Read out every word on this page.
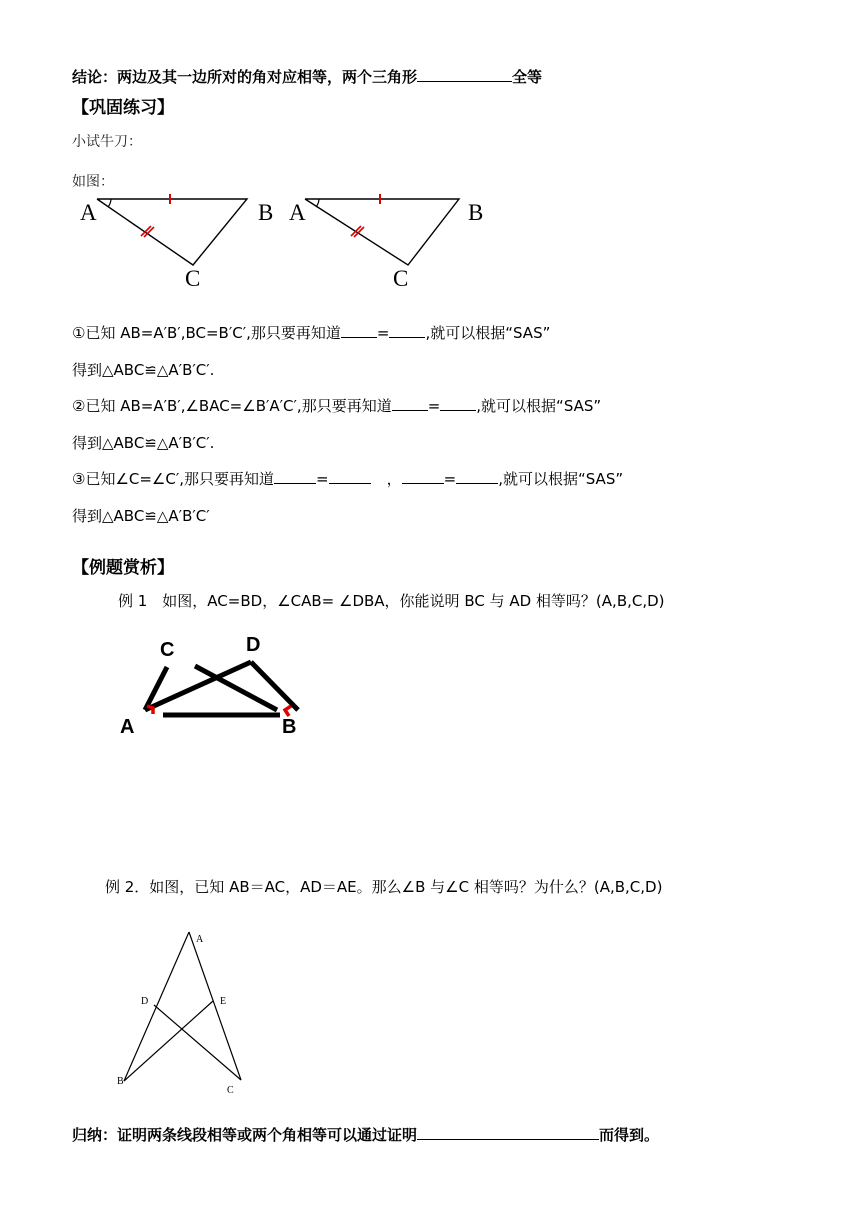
结论：两边及其一边所对的角对应相等，两个三角形	全等
【巩固练习】
小试牛刀：
如图：
A	B
C
A	B
C
①已知 AB=A′B′,BC=B′C′,那只要再知道 = ,就可以根据“SAS”
得到△ABC≌△A′B′C′.
②已知 AB=A′B′,∠BAC=∠B′A′C′,那只要再知道 = ,就可以根据“SAS”
得到△ABC≌△A′B′C′.
③已知∠C=∠C′,那只要再知道	=	，	=	,就可以根据“SAS”
得到△ABC≌△A′B′C′
【例题赏析】
例 1　如图，AC=BD，∠CAB= ∠DBA，你能说明 BC 与 AD 相等吗？(A,B,C,D)
C	D
A	B
例 2．如图，已知 AB＝AC，AD＝AE。那么∠B 与∠C 相等吗？为什么？(A,B,C,D)
A
D	E
B
C
归纳：证明两条线段相等或两个角相等可以通过证明	而得到。
